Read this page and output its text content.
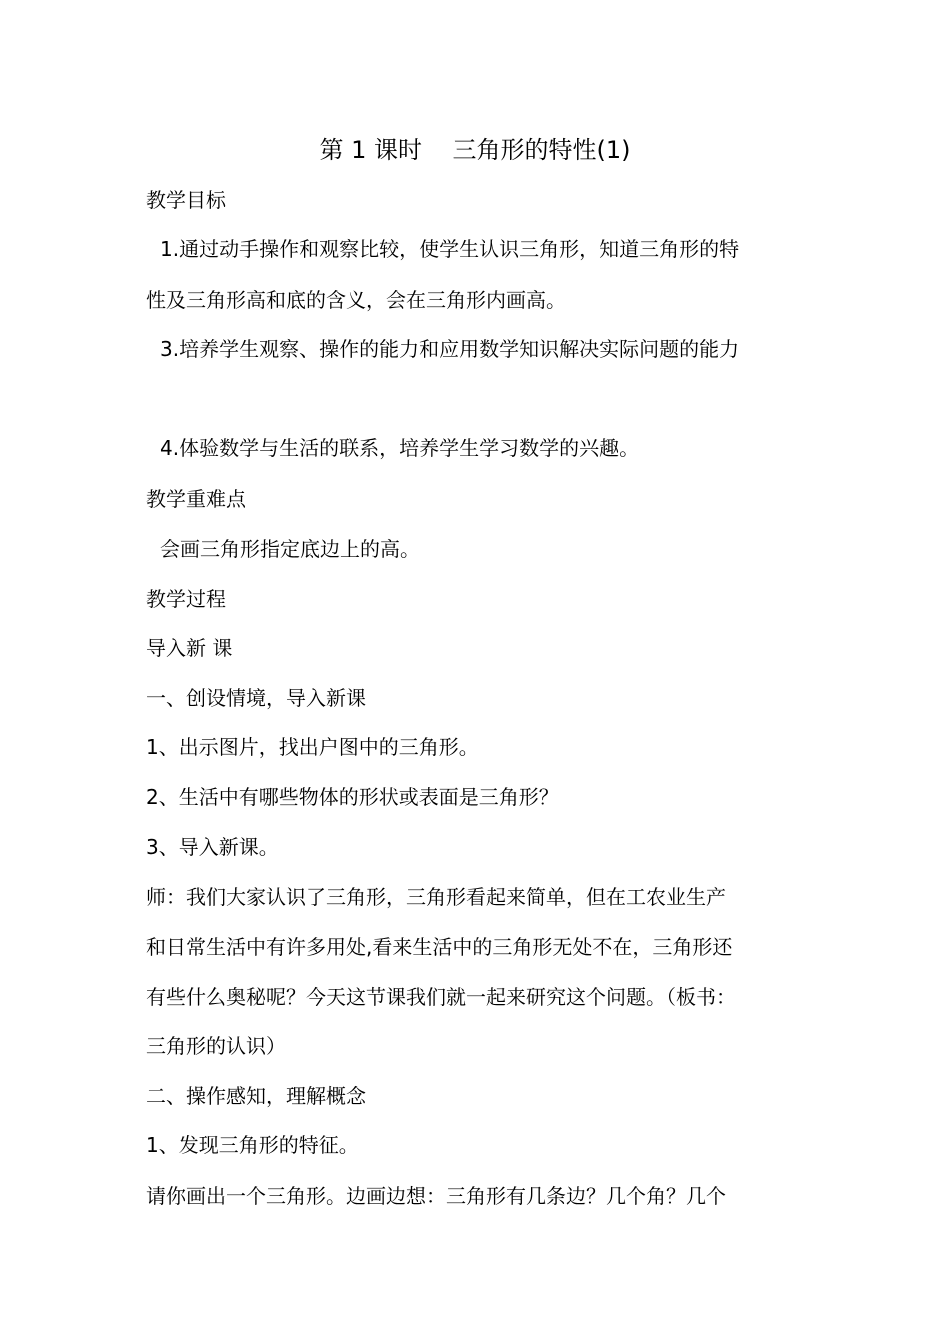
第 1 课时    三角形的特性(1)
教学目标
1.通过动手操作和观察比较，使学生认识三角形，知道三角形的特
性及三角形高和底的含义，会在三角形内画高。
3.培养学生观察、操作的能力和应用数学知识解决实际问题的能力
4.体验数学与生活的联系，培养学生学习数学的兴趣。
教学重难点
会画三角形指定底边上的高。
教学过程
导入新 课
一、创设情境，导入新课
1、出示图片，找出户图中的三角形。
2、生活中有哪些物体的形状或表面是三角形？
3、导入新课。
师：我们大家认识了三角形，三角形看起来简单，但在工农业生产
和日常生活中有许多用处,看来生活中的三角形无处不在，三角形还
有些什么奥秘呢？今天这节课我们就一起来研究这个问题。（板书：
三角形的认识）
二、操作感知，理解概念
1、发现三角形的特征。
请你画出一个三角形。边画边想：三角形有几条边？几个角？几个
